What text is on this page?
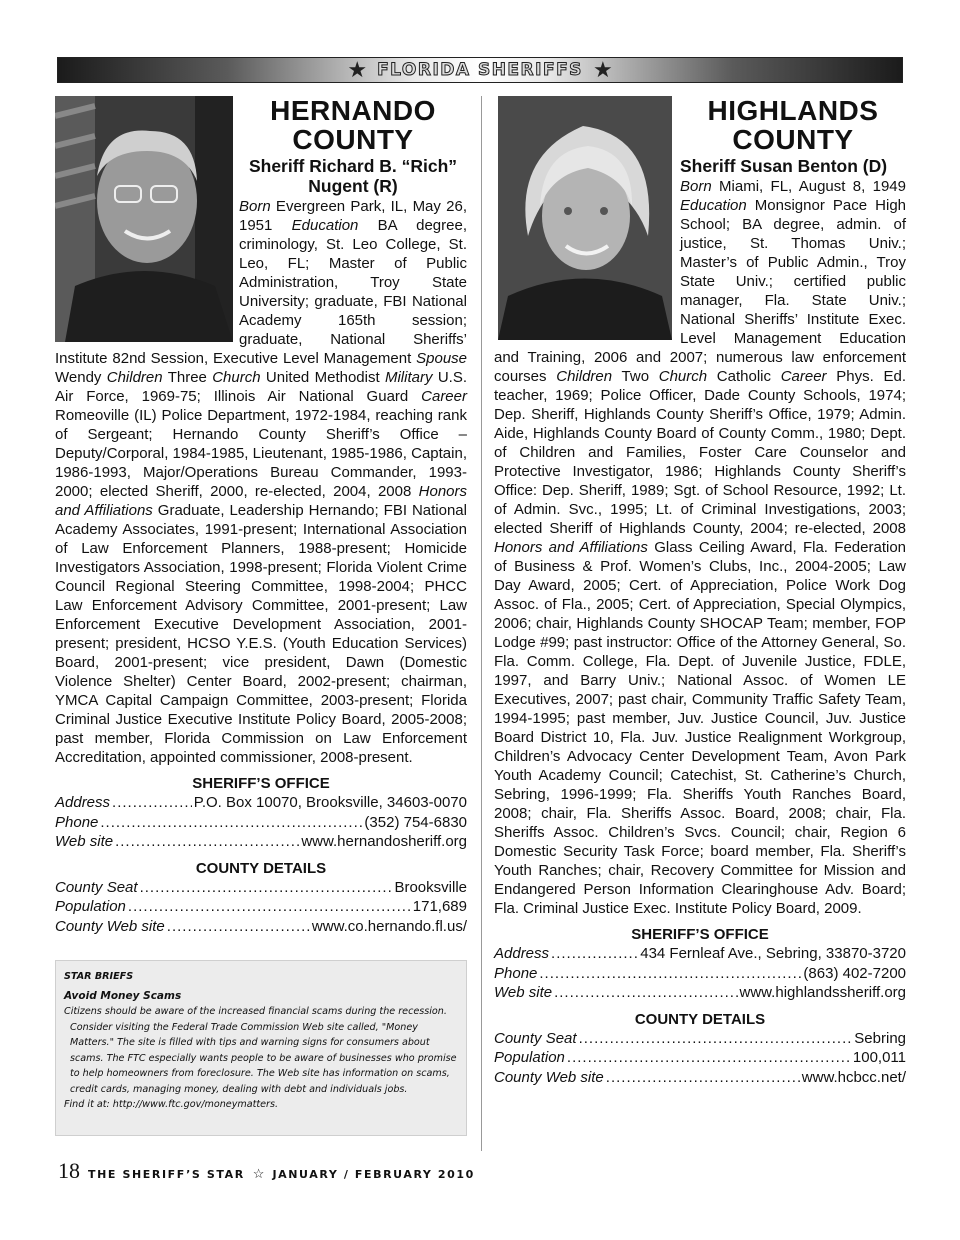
★ FLORIDA SHERIFFS ★
HERNANDO COUNTY
Sheriff Richard B. “Rich” Nugent (R)
Born Evergreen Park, IL, May 26, 1951 Education BA degree, criminology, St. Leo College, St. Leo, FL; Master of Public Administration, Troy State University; graduate, FBI National Academy 165th session; graduate, National Sheriffs’ Institute 82nd Session, Executive Level Management Spouse Wendy Children Three Church United Methodist Military U.S. Air Force, 1969-75; Illinois Air National Guard Career Romeoville (IL) Police Department, 1972-1984, reaching rank of Sergeant; Hernando County Sheriff’s Office – Deputy/Corporal, 1984-1985, Lieutenant, 1985-1986, Captain, 1986-1993, Major/Operations Bureau Commander, 1993-2000; elected Sheriff, 2000, re-elected, 2004, 2008 Honors and Affiliations Graduate, Leadership Hernando; FBI National Academy Associates, 1991-present; International Association of Law Enforcement Planners, 1988-present; Homicide Investigators Association, 1998-present; Florida Violent Crime Council Regional Steering Committee, 1998-2004; PHCC Law Enforcement Advisory Committee, 2001-present; Law Enforcement Executive Development Association, 2001-present; president, HCSO Y.E.S. (Youth Education Services) Board, 2001-present; vice president, Dawn (Domestic Violence Shelter) Center Board, 2002-present; chairman, YMCA Capital Campaign Committee, 2003-present; Florida Criminal Justice Executive Institute Policy Board, 2005-2008; past member, Florida Commission on Law Enforcement Accreditation, appointed commissioner, 2008-present.
SHERIFF’S OFFICE
Address .....	P.O. Box 10070, Brooksville, 34603-0070
Phone .....	(352) 754-6830
Web site .....	www.hernandosheriff.org
COUNTY DETAILS
County Seat .....	Brooksville
Population .....	171,689
County Web site .....	www.co.hernando.fl.us/
HIGHLANDS COUNTY
Sheriff Susan Benton (D)
Born Miami, FL, August 8, 1949 Education Monsignor Pace High School; BA degree, admin. of justice, St. Thomas Univ.; Master’s of Public Admin., Troy State Univ.; certified public manager, Fla. State Univ.; National Sheriffs’ Institute Exec. Level Management Education and Training, 2006 and 2007; numerous law enforcement courses Children Two Church Catholic Career Phys. Ed. teacher, 1969; Police Officer, Dade County Schools, 1974; Dep. Sheriff, Highlands County Sheriff’s Office, 1979; Admin. Aide, Highlands County Board of County Comm., 1980; Dept. of Children and Families, Foster Care Counselor and Protective Investigator, 1986; Highlands County Sheriff’s Office: Dep. Sheriff, 1989; Sgt. of School Resource, 1992; Lt. of Admin. Svc., 1995; Lt. of Criminal Investigations, 2003; elected Sheriff of Highlands County, 2004; re-elected, 2008 Honors and Affiliations Glass Ceiling Award, Fla. Federation of Business & Prof. Women’s Clubs, Inc., 2004-2005; Law Day Award, 2005; Cert. of Appreciation, Police Work Dog Assoc. of Fla., 2005; Cert. of Appreciation, Special Olympics, 2006; chair, Highlands County SHOCAP Team; member, FOP Lodge #99; past instructor: Office of the Attorney General, So. Fla. Comm. College, Fla. Dept. of Juvenile Justice, FDLE, 1997, and Barry Univ.; National Assoc. of Women LE Executives, 2007; past chair, Community Traffic Safety Team, 1994-1995; past member, Juv. Justice Council, Juv. Justice Board District 10, Fla. Juv. Justice Realignment Workgroup, Children’s Advocacy Center Development Team, Avon Park Youth Academy Council; Catechist, St. Catherine’s Church, Sebring, 1996-1999; Fla. Sheriffs Youth Ranches Board, 2008; chair, Fla. Sheriffs Assoc. Board, 2008; chair, Fla. Sheriffs Assoc. Children’s Svcs. Council; chair, Region 6 Domestic Security Task Force; board member, Fla. Sheriff’s Youth Ranches; chair, Recovery Committee for Mission and Endangered Person Information Clearinghouse Adv. Board; Fla. Criminal Justice Exec. Institute Policy Board, 2009.
SHERIFF’S OFFICE
Address .....	434 Fernleaf Ave., Sebring, 33870-3720
Phone .....	(863) 402-7200
Web site .....	www.highlandssheriff.org
COUNTY DETAILS
County Seat .....	Sebring
Population .....	100,011
County Web site .....	www.hcbcc.net/
STAR BRIEFS
Avoid Money Scams
Citizens should be aware of the increased financial scams during the recession. Consider visiting the Federal Trade Commission Web site called, "Money Matters." The site is filled with tips and warning signs for consumers about scams. The FTC especially wants people to be aware of businesses who promise to help homeowners from foreclosure. The Web site has information on scams, credit cards, managing money, dealing with debt and individuals jobs.
Find it at: http://www.ftc.gov/moneymatters.
18 THE SHERIFF’S STAR ☆ JANUARY / FEBRUARY 2010
